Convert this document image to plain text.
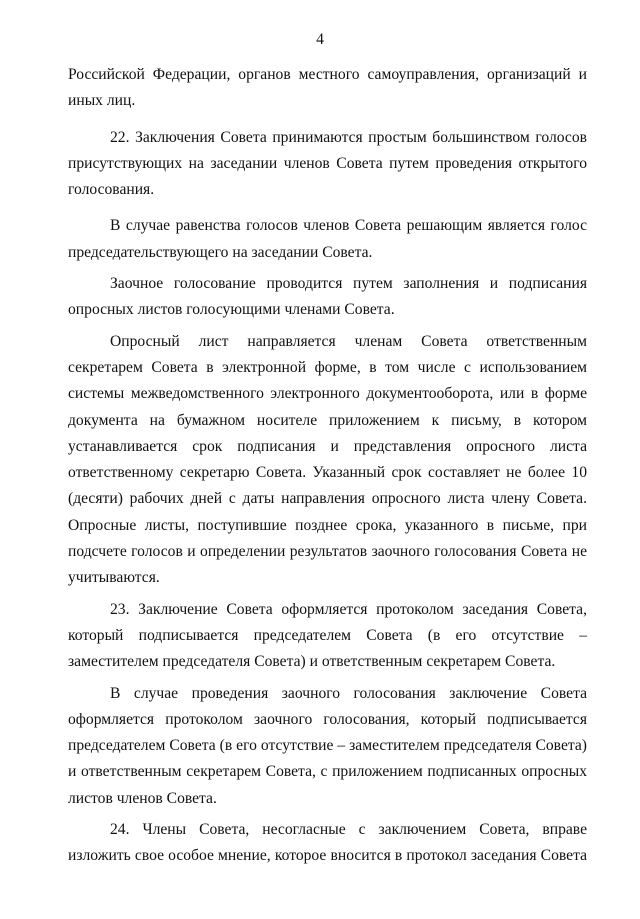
4

Российской Федерации, органов местного самоуправления, организаций и иных лиц.

22. Заключения Совета принимаются простым большинством голосов присутствующих на заседании членов Совета путем проведения открытого голосования.

В случае равенства голосов членов Совета решающим является голос председательствующего на заседании Совета.

Заочное голосование проводится путем заполнения и подписания опросных листов голосующими членами Совета.

Опросный лист направляется членам Совета ответственным секретарем Совета в электронной форме, в том числе с использованием системы межведомственного электронного документооборота, или в форме документа на бумажном носителе приложением к письму, в котором устанавливается срок подписания и представления опросного листа ответственному секретарю Совета. Указанный срок составляет не более 10 (десяти) рабочих дней с даты направления опросного листа члену Совета. Опросные листы, поступившие позднее срока, указанного в письме, при подсчете голосов и определении результатов заочного голосования Совета не учитываются.

23. Заключение Совета оформляется протоколом заседания Совета, который подписывается председателем Совета (в его отсутствие – заместителем председателя Совета) и ответственным секретарем Совета.

В случае проведения заочного голосования заключение Совета оформляется протоколом заочного голосования, который подписывается председателем Совета (в его отсутствие – заместителем председателя Совета) и ответственным секретарем Совета, с приложением подписанных опросных листов членов Совета.

24. Члены Совета, несогласные с заключением Совета, вправе изложить свое особое мнение, которое вносится в протокол заседания Совета
